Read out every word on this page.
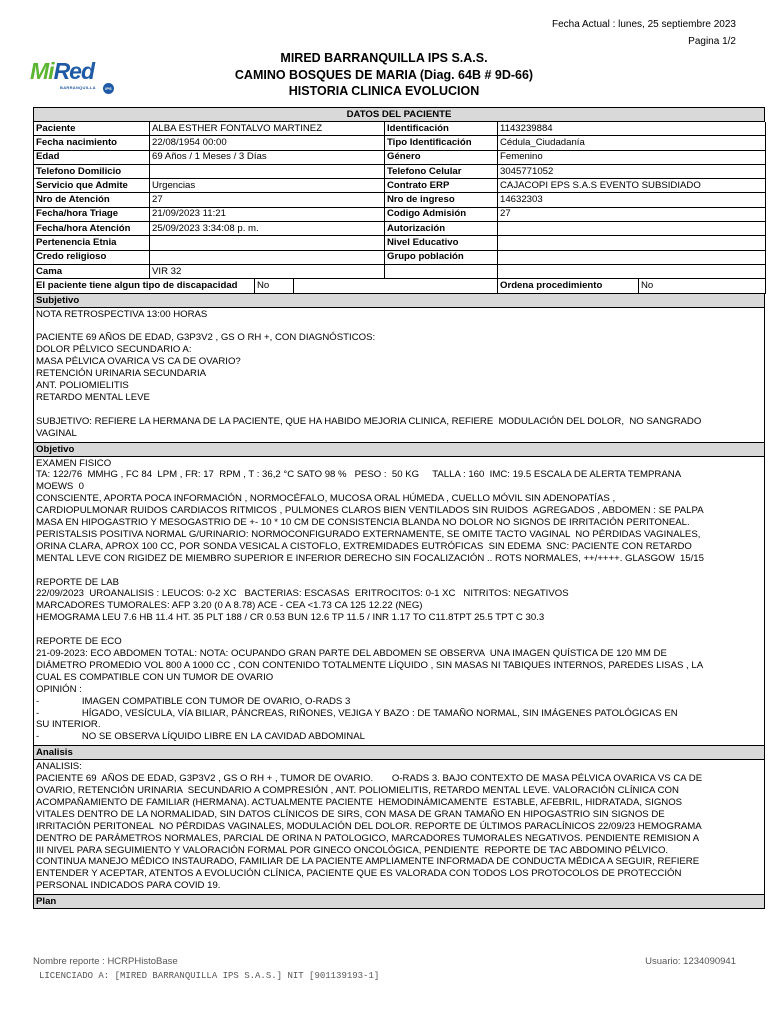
Fecha Actual : lunes, 25 septiembre 2023
Pagina 1/2
MiRed
BARRANQUILLA	IPS
MIRED BARRANQUILLA IPS S.A.S.
CAMINO BOSQUES DE MARIA (Diag. 64B # 9D-66)
HISTORIA CLINICA EVOLUCION
DATOS DEL PACIENTE
Paciente	ALBA ESTHER FONTALVO MARTINEZ	Identificación	1143239884
Fecha nacimiento	22/08/1954 00:00	Tipo Identificación	Cédula_Ciudadanía
Edad	69 Años / 1 Meses / 3 Días	Género	Femenino
Telefono Domilicio		Telefono Celular	3045771052
Servicio que Admite	Urgencias	Contrato ERP	CAJACOPI EPS S.A.S EVENTO SUBSIDIADO
Nro de Atención	27	Nro de ingreso	14632303
Fecha/hora Triage	21/09/2023 11:21	Codigo Admisión	27
Fecha/hora Atención	25/09/2023 3:34:08 p. m.	Autorización	
Pertenencia Etnia		Nivel Educativo	
Credo religioso		Grupo población	
Cama	VIR 32		
El paciente tiene algun tipo de discapacidad	No		Ordena procedimiento	No
Subjetivo
NOTA RETROSPECTIVA 13:00 HORAS
PACIENTE 69 AÑOS DE EDAD, G3P3V2 , GS O RH +, CON DIAGNÓSTICOS:
DOLOR PÉLVICO SECUNDARIO A:
MASA PÉLVICA OVARICA VS CA DE OVARIO?
RETENCIÓN URINARIA SECUNDARIA
ANT. POLIOMIELITIS
RETARDO MENTAL LEVE
SUBJETIVO: REFIERE LA HERMANA DE LA PACIENTE, QUE HA HABIDO MEJORIA CLINICA, REFIERE  MODULACIÓN DEL DOLOR,  NO SANGRADO
VAGINAL
Objetivo
EXAMEN FISICO
TA: 122/76  MMHG , FC 84  LPM , FR: 17  RPM , T : 36,2 °C SATO 98 %   PESO :  50 KG     TALLA : 160  IMC: 19.5 ESCALA DE ALERTA TEMPRANA
MOEWS  0
CONSCIENTE, APORTA POCA INFORMACIÓN , NORMOCÉFALO, MUCOSA ORAL HÚMEDA , CUELLO MÓVIL SIN ADENOPATÍAS ,
CARDIOPULMONAR RUIDOS CARDIACOS RITMICOS , PULMONES CLAROS BIEN VENTILADOS SIN RUIDOS  AGREGADOS , ABDOMEN : SE PALPA
MASA EN HIPOGASTRIO Y MESOGASTRIO DE +- 10 * 10 CM DE CONSISTENCIA BLANDA NO DOLOR NO SIGNOS DE IRRITACIÓN PERITONEAL.
PERISTALSIS POSITIVA NORMAL G/URINARIO: NORMOCONFIGURADO EXTERNAMENTE, SE OMITE TACTO VAGINAL  NO PÉRDIDAS VAGINALES,
ORINA CLARA, APROX 100 CC, POR SONDA VESICAL A CISTOFLO, EXTREMIDADES EUTRÓFICAS  SIN EDEMA  SNC: PACIENTE CON RETARDO
MENTAL LEVE CON RIGIDEZ DE MIEMBRO SUPERIOR E INFERIOR DERECHO SIN FOCALIZACIÓN .. ROTS NORMALES, ++/++++. GLASGOW  15/15
REPORTE DE LAB
22/09/2023  UROANALISIS : LEUCOS: 0-2 XC   BACTERIAS: ESCASAS  ERITROCITOS: 0-1 XC   NITRITOS: NEGATIVOS
MARCADORES TUMORALES: AFP 3.20 (0 A 8.78) ACE - CEA <1.73 CA 125 12.22 (NEG)
HEMOGRAMA LEU 7.6 HB 11.4 HT. 35 PLT 188 / CR 0.53 BUN 12.6 TP 11.5 / INR 1.17 TO C11.8TPT 25.5 TPT C 30.3
REPORTE DE ECO
21-09-2023: ECO ABDOMEN TOTAL: NOTA: OCUPANDO GRAN PARTE DEL ABDOMEN SE OBSERVA  UNA IMAGEN QUÍSTICA DE 120 MM DE
DIÁMETRO PROMEDIO VOL 800 A 1000 CC , CON CONTENIDO TOTALMENTE LÍQUIDO , SIN MASAS NI TABIQUES INTERNOS, PAREDES LISAS , LA
CUAL ES COMPATIBLE CON UN TUMOR DE OVARIO
OPINIÓN :
-                IMAGEN COMPATIBLE CON TUMOR DE OVARIO, O-RADS 3
-                HÍGADO, VESÍCULA, VÍA BILIAR, PÁNCREAS, RIÑONES, VEJIGA Y BAZO : DE TAMAÑO NORMAL, SIN IMÁGENES PATOLÓGICAS EN
SU INTERIOR.
-                NO SE OBSERVA LÍQUIDO LIBRE EN LA CAVIDAD ABDOMINAL
Analisis
ANALISIS:
PACIENTE 69  AÑOS DE EDAD, G3P3V2 , GS O RH + , TUMOR DE OVARIO.       O-RADS 3. BAJO CONTEXTO DE MASA PÉLVICA OVARICA VS CA DE
OVARIO, RETENCIÓN URINARIA  SECUNDARIO A COMPRESIÓN , ANT. POLIOMIELITIS, RETARDO MENTAL LEVE. VALORACIÓN CLÍNICA CON
ACOMPAÑAMIENTO DE FAMILIAR (HERMANA). ACTUALMENTE PACIENTE  HEMODINÁMICAMENTE  ESTABLE, AFEBRIL, HIDRATADA, SIGNOS
VITALES DENTRO DE LA NORMALIDAD, SIN DATOS CLÍNICOS DE SIRS, CON MASA DE GRAN TAMAÑO EN HIPOGASTRIO SIN SIGNOS DE
IRRITACIÓN PERITONEAL  NO PÉRDIDAS VAGINALES, MODULACIÓN DEL DOLOR. REPORTE DE ÚLTIMOS PARACLÍNICOS 22/09/23 HEMOGRAMA
DENTRO DE PARÁMETROS NORMALES, PARCIAL DE ORINA N PATOLOGICO, MARCADORES TUMORALES NEGATIVOS. PENDIENTE REMISION A
III NIVEL PARA SEGUIMIENTO Y VALORACIÓN FORMAL POR GINECO ONCOLÓGICA, PENDIENTE  REPORTE DE TAC ABDOMINO PÉLVICO.
CONTINUA MANEJO MÉDICO INSTAURADO, FAMILIAR DE LA PACIENTE AMPLIAMENTE INFORMADA DE CONDUCTA MÉDICA A SEGUIR, REFIERE
ENTENDER Y ACEPTAR, ATENTOS A EVOLUCIÓN CLÍNICA, PACIENTE QUE ES VALORADA CON TODOS LOS PROTOCOLOS DE PROTECCIÓN
PERSONAL INDICADOS PARA COVID 19.
Plan
Nombre reporte : HCRPHistoBase	Usuario: 1234090941
LICENCIADO A: [MIRED BARRANQUILLA IPS S.A.S.] NIT [901139193-1]
